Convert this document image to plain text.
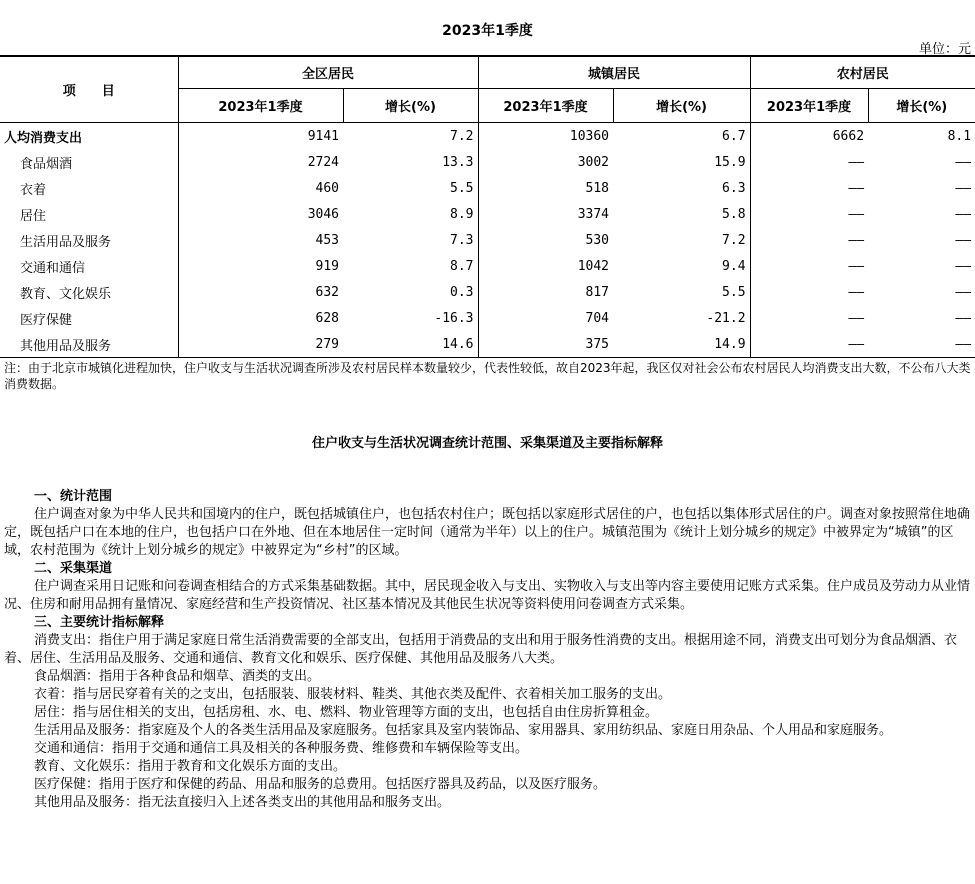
2023年1季度
单位：元
项　　目	全区居民		城镇居民		农村居民	
	2023年1季度	增长(%)	2023年1季度	增长(%)	2023年1季度	增长(%)
人均消费支出	9141	7.2	10360	6.7	6662	8.1
食品烟酒	2724	13.3	3002	15.9	——	——
衣着	460	5.5	518	6.3	——	——
居住	3046	8.9	3374	5.8	——	——
生活用品及服务	453	7.3	530	7.2	——	——
交通和通信	919	8.7	1042	9.4	——	——
教育、文化娱乐	632	0.3	817	5.5	——	——
医疗保健	628	-16.3	704	-21.2	——	——
其他用品及服务	279	14.6	375	14.9	——	——
注：由于北京市城镇化进程加快，住户收支与生活状况调查所涉及农村居民样本数量较少，代表性较低，故自2023年起，我区仅对社会公布农村居民人均消费支出大数，不公布八大类消费数据。
住户收支与生活状况调查统计范围、采集渠道及主要指标解释

一、统计范围

住户调查对象为中华人民共和国境内的住户，既包括城镇住户，也包括农村住户；既包括以家庭形式居住的户，也包括以集体形式居住的户。调查对象按照常住地确定，既包括户口在本地的住户，也包括户口在外地、但在本地居住一定时间（通常为半年）以上的住户。城镇范围为《统计上划分城乡的规定》中被界定为“城镇”的区域，农村范围为《统计上划分城乡的规定》中被界定为“乡村”的区域。

二、采集渠道

住户调查采用日记账和问卷调查相结合的方式采集基础数据。其中，居民现金收入与支出、实物收入与支出等内容主要使用记账方式采集。住户成员及劳动力从业情况、住房和耐用品拥有量情况、家庭经营和生产投资情况、社区基本情况及其他民生状况等资料使用问卷调查方式采集。

三、主要统计指标解释

消费支出：指住户用于满足家庭日常生活消费需要的全部支出，包括用于消费品的支出和用于服务性消费的支出。根据用途不同，消费支出可划分为食品烟酒、衣着、居住、生活用品及服务、交通和通信、教育文化和娱乐、医疗保健、其他用品及服务八大类。

食品烟酒：指用于各种食品和烟草、酒类的支出。

衣着：指与居民穿着有关的之支出，包括服装、服装材料、鞋类、其他衣类及配件、衣着相关加工服务的支出。

居住：指与居住相关的支出，包括房租、水、电、燃料、物业管理等方面的支出，也包括自由住房折算租金。

生活用品及服务：指家庭及个人的各类生活用品及家庭服务。包括家具及室内装饰品、家用器具、家用纺织品、家庭日用杂品、个人用品和家庭服务。

交通和通信：指用于交通和通信工具及相关的各种服务费、维修费和车辆保险等支出。

教育、文化娱乐：指用于教育和文化娱乐方面的支出。

医疗保健：指用于医疗和保健的药品、用品和服务的总费用。包括医疗器具及药品，以及医疗服务。

其他用品及服务：指无法直接归入上述各类支出的其他用品和服务支出。
